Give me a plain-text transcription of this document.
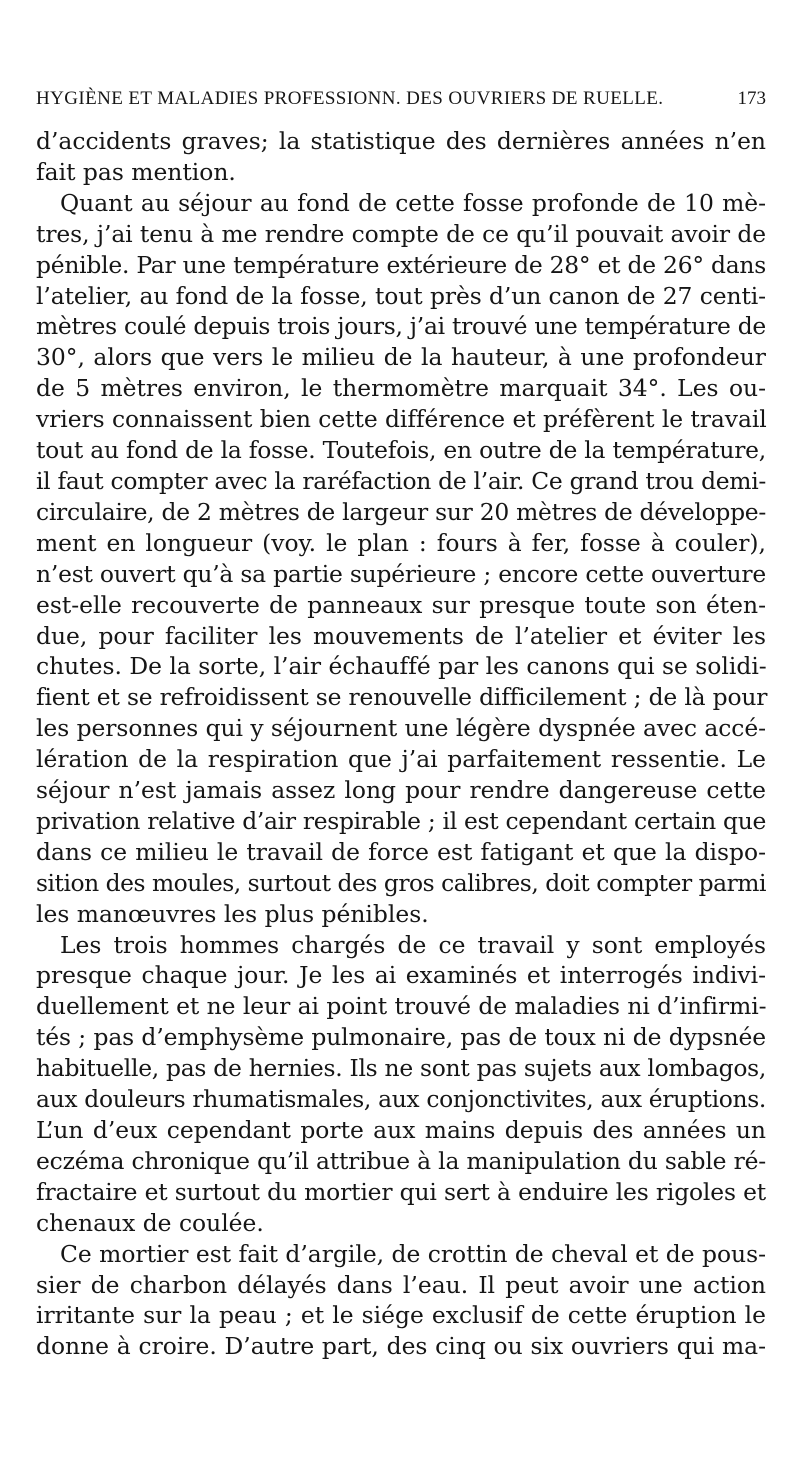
HYGIÈNE ET MALADIES PROFESSIONN. DES OUVRIERS DE RUELLE.	173
d’accidents graves; la statistique des dernières années n’en
fait pas mention.
Quant au séjour au fond de cette fosse profonde de 10 mè-
tres, j’ai tenu à me rendre compte de ce qu’il pouvait avoir de
pénible. Par une température extérieure de 28° et de 26° dans
l’atelier, au fond de la fosse, tout près d’un canon de 27 centi-
mètres coulé depuis trois jours, j’ai trouvé une température de
30°, alors que vers le milieu de la hauteur, à une profondeur
de 5 mètres environ, le thermomètre marquait 34°. Les ou-
vriers connaissent bien cette différence et préfèrent le travail
tout au fond de la fosse. Toutefois, en outre de la température,
il faut compter avec la raréfaction de l’air. Ce grand trou demi-
circulaire, de 2 mètres de largeur sur 20 mètres de développe-
ment en longueur (voy. le plan : fours à fer, fosse à couler),
n’est ouvert qu’à sa partie supérieure ; encore cette ouverture
est-elle recouverte de panneaux sur presque toute son éten-
due, pour faciliter les mouvements de l’atelier et éviter les
chutes. De la sorte, l’air échauffé par les canons qui se solidi-
fient et se refroidissent se renouvelle difficilement ; de là pour
les personnes qui y séjournent une légère dyspnée avec accé-
lération de la respiration que j’ai parfaitement ressentie. Le
séjour n’est jamais assez long pour rendre dangereuse cette
privation relative d’air respirable ; il est cependant certain que
dans ce milieu le travail de force est fatigant et que la dispo-
sition des moules, surtout des gros calibres, doit compter parmi
les manœuvres les plus pénibles.
Les trois hommes chargés de ce travail y sont employés
presque chaque jour. Je les ai examinés et interrogés indivi-
duellement et ne leur ai point trouvé de maladies ni d’infirmi-
tés ; pas d’emphysème pulmonaire, pas de toux ni de dypsnée
habituelle, pas de hernies. Ils ne sont pas sujets aux lombagos,
aux douleurs rhumatismales, aux conjonctivites, aux éruptions.
L’un d’eux cependant porte aux mains depuis des années un
eczéma chronique qu’il attribue à la manipulation du sable ré-
fractaire et surtout du mortier qui sert à enduire les rigoles et
chenaux de coulée.
Ce mortier est fait d’argile, de crottin de cheval et de pous-
sier de charbon délayés dans l’eau. Il peut avoir une action
irritante sur la peau ; et le siége exclusif de cette éruption le
donne à croire. D’autre part, des cinq ou six ouvriers qui ma-
